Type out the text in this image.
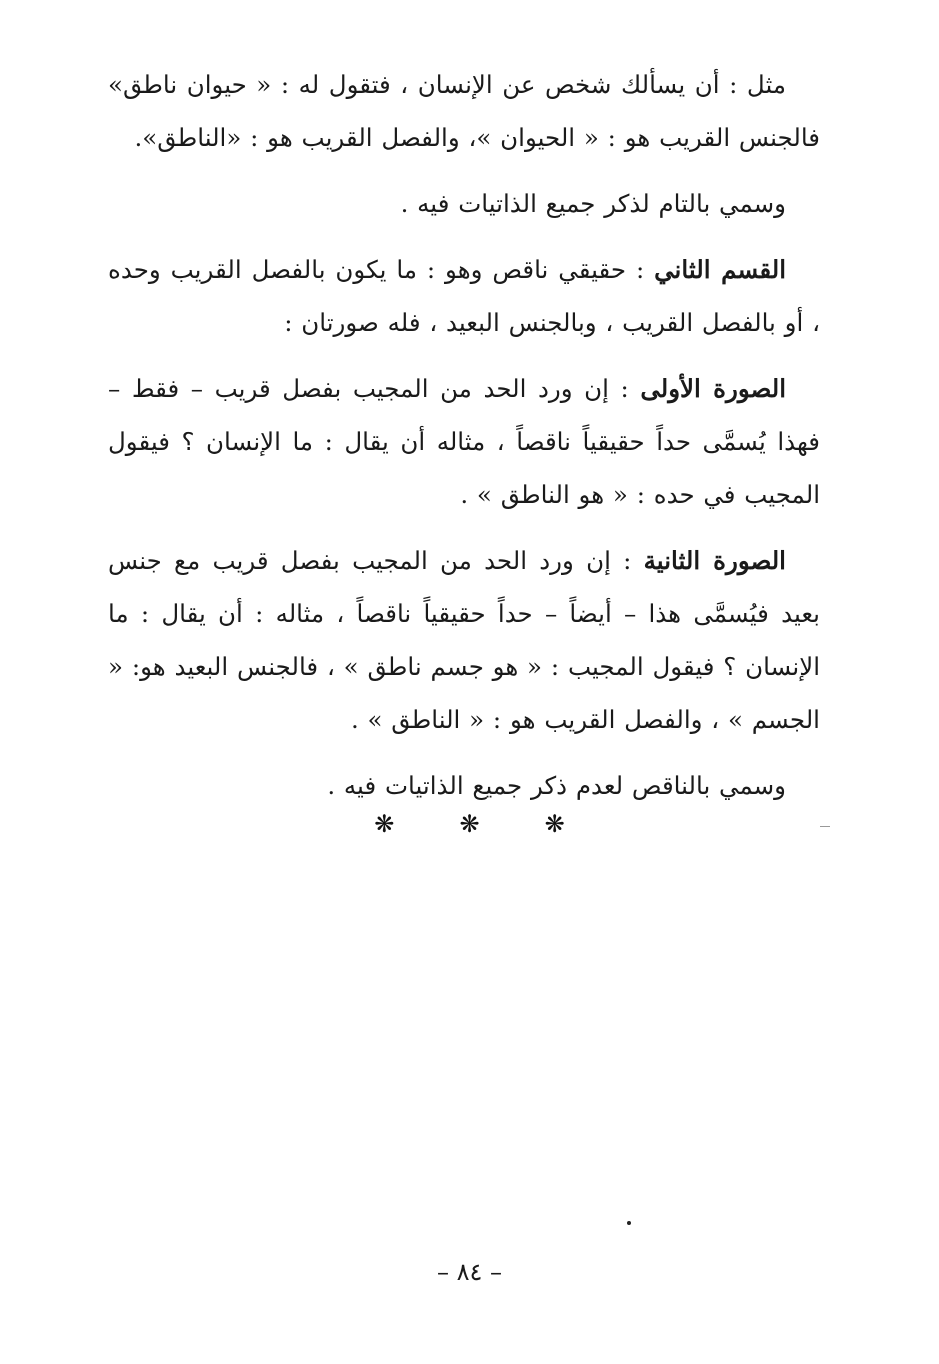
مثل : أن يسألك شخص عن الإنسان ، فتقول له : « حيوان ناطق» فالجنس القريب هو : « الحيوان »، والفصل القريب هو : «الناطق».

وسمي بالتام لذكر جميع الذاتيات فيه .

القسم الثاني : حقيقي ناقص وهو : ما يكون بالفصل القريب وحده ، أو بالفصل القريب ، وبالجنس البعيد ، فله صورتان :

الصورة الأولى : إن ورد الحد من المجيب بفصل قريب – فقط – فهذا يُسمَّى حداً حقيقياً ناقصاً ، مثاله أن يقال : ما الإنسان ؟ فيقول المجيب في حده : « هو الناطق » .

الصورة الثانية : إن ورد الحد من المجيب بفصل قريب مع جنس بعيد فيُسمَّى هذا – أيضاً – حداً حقيقياً ناقصاً ، مثاله : أن يقال : ما الإنسان ؟ فيقول المجيب : « هو جسم ناطق » ، فالجنس البعيد هو: « الجسم » ، والفصل القريب هو : « الناطق » .

وسمي بالناقص لعدم ذكر جميع الذاتيات فيه .

❋ ❋ ❋
– ٨٤ –
